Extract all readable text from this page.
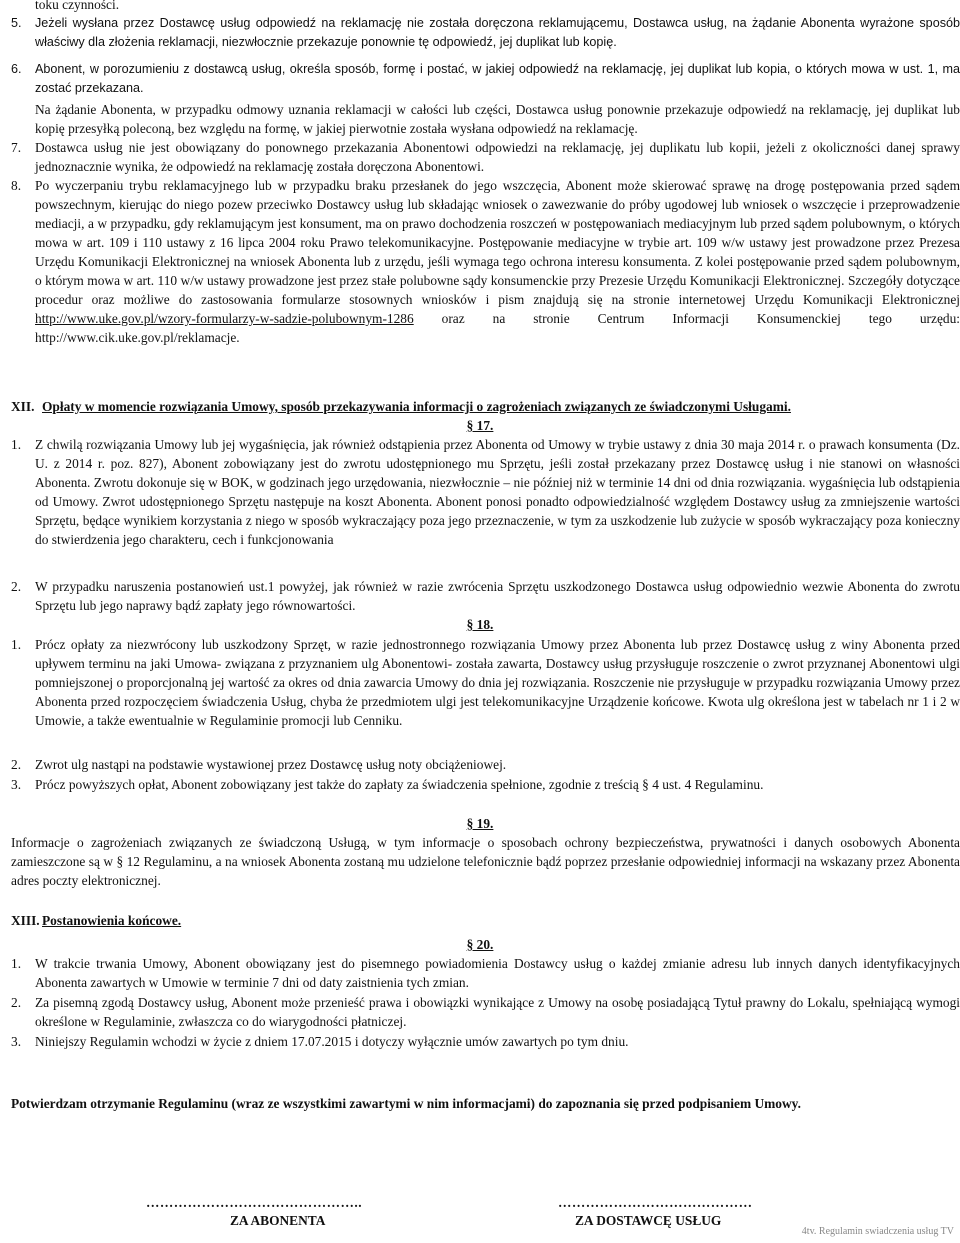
toku czynności.
5. Jeżeli wysłana przez Dostawcę usług odpowiedź na reklamację nie została doręczona reklamującemu, Dostawca usług, na żądanie Abonenta wyrażone sposób właściwy dla złożenia reklamacji, niezwłocznie przekazuje ponownie tę odpowiedź, jej duplikat lub kopię.
6. Abonent, w porozumieniu z dostawcą usług, określa sposób, formę i postać, w jakiej odpowiedź na reklamację, jej duplikat lub kopia, o których mowa w ust. 1, ma zostać przekazana.
Na żądanie Abonenta, w przypadku odmowy uznania reklamacji w całości lub części, Dostawca usług ponownie przekazuje odpowiedź na reklamację, jej duplikat lub kopię przesyłką poleconą, bez względu na formę, w jakiej pierwotnie została wysłana odpowiedź na reklamację.
7. Dostawca usług nie jest obowiązany do ponownego przekazania Abonentowi odpowiedzi na reklamację, jej duplikatu lub kopii, jeżeli z okoliczności danej sprawy jednoznacznie wynika, że odpowiedź na reklamację została doręczona Abonentowi.
8. Po wyczerpaniu trybu reklamacyjnego lub w przypadku braku przesłanek do jego wszczęcia, Abonent może skierować sprawę na drogę postępowania przed sądem powszechnym, kierując do niego pozew przeciwko Dostawcy usług lub składając wniosek o zawezwanie do próby ugodowej lub wniosek o wszczęcie i przeprowadzenie mediacji, a w przypadku, gdy reklamującym jest konsument, ma on prawo dochodzenia roszczeń w postępowaniach mediacyjnym lub przed sądem polubownym, o których mowa w art. 109 i 110 ustawy z 16 lipca 2004 roku Prawo telekomunikacyjne. Postępowanie mediacyjne w trybie art. 109 w/w ustawy jest prowadzone przez Prezesa Urzędu Komunikacji Elektronicznej na wniosek Abonenta lub z urzędu, jeśli wymaga tego ochrona interesu konsumenta. Z kolei postępowanie przed sądem polubownym, o którym mowa w art. 110 w/w ustawy prowadzone jest przez stałe polubowne sądy konsumenckie przy Prezesie Urzędu Komunikacji Elektronicznej. Szczegóły dotyczące procedur oraz możliwe do zastosowania formularze stosownych wniosków i pism znajdują się na stronie internetowej Urzędu Komunikacji Elektronicznej http://www.uke.gov.pl/wzory-formularzy-w-sadzie-polubownym-1286 oraz na stronie Centrum Informacji Konsumenckiej tego urzędu: http://www.cik.uke.gov.pl/reklamacje.
XII. Opłaty w momencie rozwiązania Umowy, sposób przekazywania informacji o zagrożeniach związanych ze świadczonymi Usługami.
§ 17.
1. Z chwilą rozwiązania Umowy lub jej wygaśnięcia, jak również odstąpienia przez Abonenta od Umowy w trybie ustawy z dnia 30 maja 2014 r. o prawach konsumenta (Dz. U. z 2014 r. poz. 827), Abonent zobowiązany jest do zwrotu udostępnionego mu Sprzętu, jeśli został przekazany przez Dostawcę usług i nie stanowi on własności Abonenta. Zwrotu dokonuje się w BOK, w godzinach jego urzędowania, niezwłocznie – nie później niż w terminie 14 dni od dnia rozwiązania. wygaśnięcia lub odstąpienia od Umowy. Zwrot udostępnionego Sprzętu następuje na koszt Abonenta. Abonent ponosi ponadto odpowiedzialność względem Dostawcy usług za zmniejszenie wartości Sprzętu, będące wynikiem korzystania z niego w sposób wykraczający poza jego przeznaczenie, w tym za uszkodzenie lub zużycie w sposób wykraczający poza konieczny do stwierdzenia jego charakteru, cech i funkcjonowania
2. W przypadku naruszenia postanowień ust.1 powyżej, jak również w razie zwrócenia Sprzętu uszkodzonego Dostawca usług odpowiednio wezwie Abonenta do zwrotu Sprzętu lub jego naprawy bądź zapłaty jego równowartości.
§ 18.
1. Prócz opłaty za niezwrócony lub uszkodzony Sprzęt, w razie jednostronnego rozwiązania Umowy przez Abonenta lub przez Dostawcę usług z winy Abonenta przed upływem terminu na jaki Umowa- związana z przyznaniem ulg Abonentowi- została zawarta, Dostawcy usług przysługuje roszczenie o zwrot przyznanej Abonentowi ulgi pomniejszonej o proporcjonalną jej wartość za okres od dnia zawarcia Umowy do dnia jej rozwiązania. Roszczenie nie przysługuje w przypadku rozwiązania Umowy przez Abonenta przed rozpoczęciem świadczenia Usług, chyba że przedmiotem ulgi jest telekomunikacyjne Urządzenie końcowe. Kwota ulg określona jest w tabelach nr 1 i 2 w Umowie, a także ewentualnie w Regulaminie promocji lub Cenniku.
2. Zwrot ulg nastąpi na podstawie wystawionej przez Dostawcę usług noty obciążeniowej.
3. Prócz powyższych opłat, Abonent zobowiązany jest także do zapłaty za świadczenia spełnione, zgodnie z treścią § 4 ust. 4 Regulaminu.
§ 19.
Informacje o zagrożeniach związanych ze świadczoną Usługą, w tym informacje o sposobach ochrony bezpieczeństwa, prywatności i danych osobowych Abonenta zamieszczone są w § 12 Regulaminu, a na wniosek Abonenta zostaną mu udzielone telefonicznie bądź poprzez przesłanie odpowiedniej informacji na wskazany przez Abonenta adres poczty elektronicznej.
XIII. Postanowienia końcowe.
§ 20.
1. W trakcie trwania Umowy, Abonent obowiązany jest do pisemnego powiadomienia Dostawcy usług o każdej zmianie adresu lub innych danych identyfikacyjnych Abonenta zawartych w Umowie w terminie 7 dni od daty zaistnienia tych zmian.
2. Za pisemną zgodą Dostawcy usług, Abonent może przenieść prawa i obowiązki wynikające z Umowy na osobę posiadającą Tytuł prawny do Lokalu, spełniającą wymogi określone w Regulaminie, zwłaszcza co do wiarygodności płatniczej.
3. Niniejszy Regulamin wchodzi w życie z dniem 17.07.2015 i dotyczy wyłącznie umów zawartych po tym dniu.
Potwierdzam otrzymanie Regulaminu (wraz ze wszystkimi zawartymi w nim informacjami) do zapoznania się przed podpisaniem Umowy.
………………………………………..	……………………………………
ZA ABONENTA	ZA DOSTAWCĘ USŁUG
4tv. Regulamin swiadczenia usług TV
